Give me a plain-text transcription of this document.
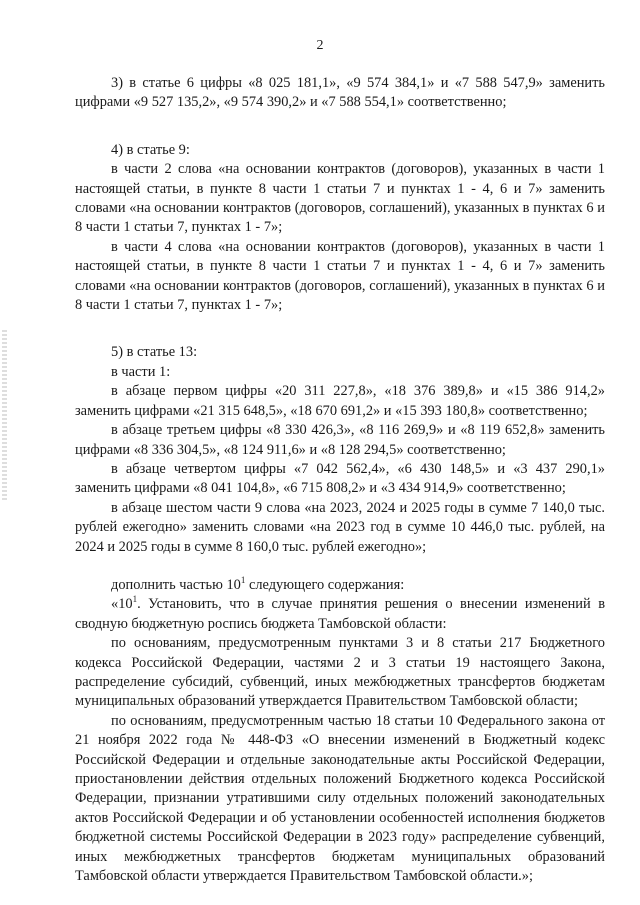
2

3) в статье 6 цифры «8 025 181,1», «9 574 384,1» и «7 588 547,9» заменить цифрами «9 527 135,2», «9 574 390,2» и «7 588 554,1» соответственно;

4) в статье 9:

в части 2 слова «на основании контрактов (договоров), указанных в части 1 настоящей статьи, в пункте 8 части 1 статьи 7 и пунктах 1 - 4, 6 и 7» заменить словами «на основании контрактов (договоров, соглашений), указанных в пунктах 6 и 8 части 1 статьи 7, пунктах 1 - 7»;

в части 4 слова «на основании контрактов (договоров), указанных в части 1 настоящей статьи, в пункте 8 части 1 статьи 7 и пунктах 1 - 4, 6 и 7» заменить словами «на основании контрактов (договоров, соглашений), указанных в пунктах 6 и 8 части 1 статьи 7, пунктах 1 - 7»;

5) в статье 13:

в части 1:

в абзаце первом цифры «20 311 227,8», «18 376 389,8» и «15 386 914,2» заменить цифрами «21 315 648,5», «18 670 691,2» и «15 393 180,8» соответственно;

в абзаце третьем цифры «8 330 426,3», «8 116 269,9» и «8 119 652,8» заменить цифрами «8 336 304,5», «8 124 911,6» и «8 128 294,5» соответственно;

в абзаце четвертом цифры «7 042 562,4», «6 430 148,5» и «3 437 290,1» заменить цифрами «8 041 104,8», «6 715 808,2» и «3 434 914,9» соответственно;

в абзаце шестом части 9 слова «на 2023, 2024 и 2025 годы в сумме 7 140,0 тыс. рублей ежегодно» заменить словами «на 2023 год в сумме 10 446,0 тыс. рублей, на 2024 и 2025 годы в сумме 8 160,0 тыс. рублей ежегодно»;

дополнить частью $10^1$ следующего содержания:

«$10^1$. Установить, что в случае принятия решения о внесении изменений в сводную бюджетную роспись бюджета Тамбовской области:

по основаниям, предусмотренным пунктами 3 и 8 статьи 217 Бюджетного кодекса Российской Федерации, частями 2 и 3 статьи 19 настоящего Закона, распределение субсидий, субвенций, иных межбюджетных трансфертов бюджетам муниципальных образований утверждается Правительством Тамбовской области;

по основаниям, предусмотренным частью 18 статьи 10 Федерального закона от 21 ноября 2022 года № 448-ФЗ «О внесении изменений в Бюджетный кодекс Российской Федерации и отдельные законодательные акты Российской Федерации, приостановлении действия отдельных положений Бюджетного кодекса Российской Федерации, признании утратившими силу отдельных положений законодательных актов Российской Федерации и об установлении особенностей исполнения бюджетов бюджетной системы Российской Федерации в 2023 году» распределение субвенций, иных межбюджетных трансфертов бюджетам муниципальных образований Тамбовской области утверждается Правительством Тамбовской области.»;
